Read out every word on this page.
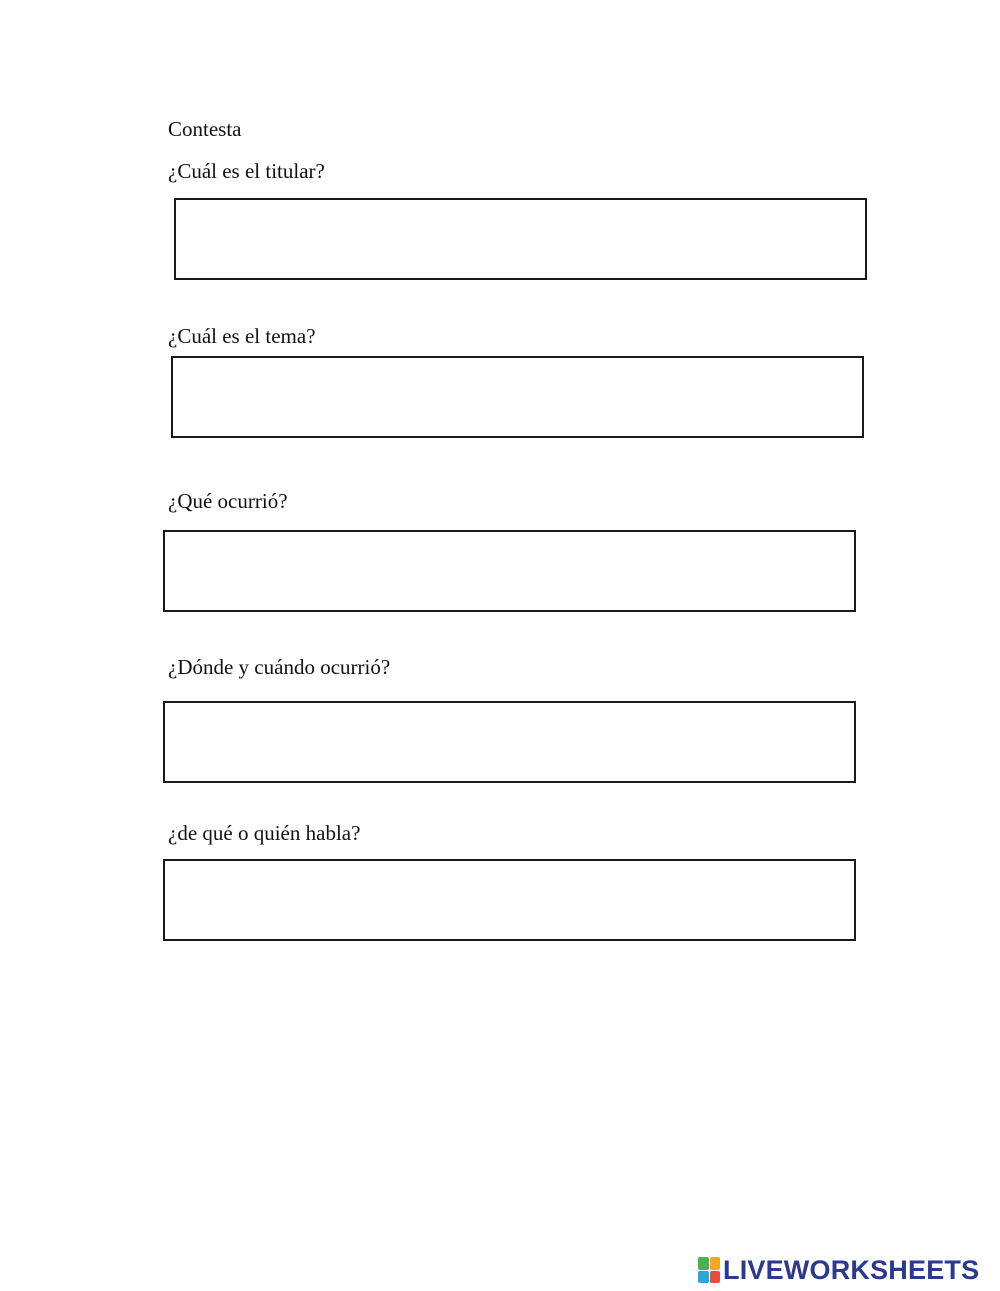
Contesta
¿Cuál es el titular?
¿Cuál es el tema?
¿Qué ocurrió?
¿Dónde y cuándo ocurrió?
¿de qué o quién habla?
LIVEWORKSHEETS
